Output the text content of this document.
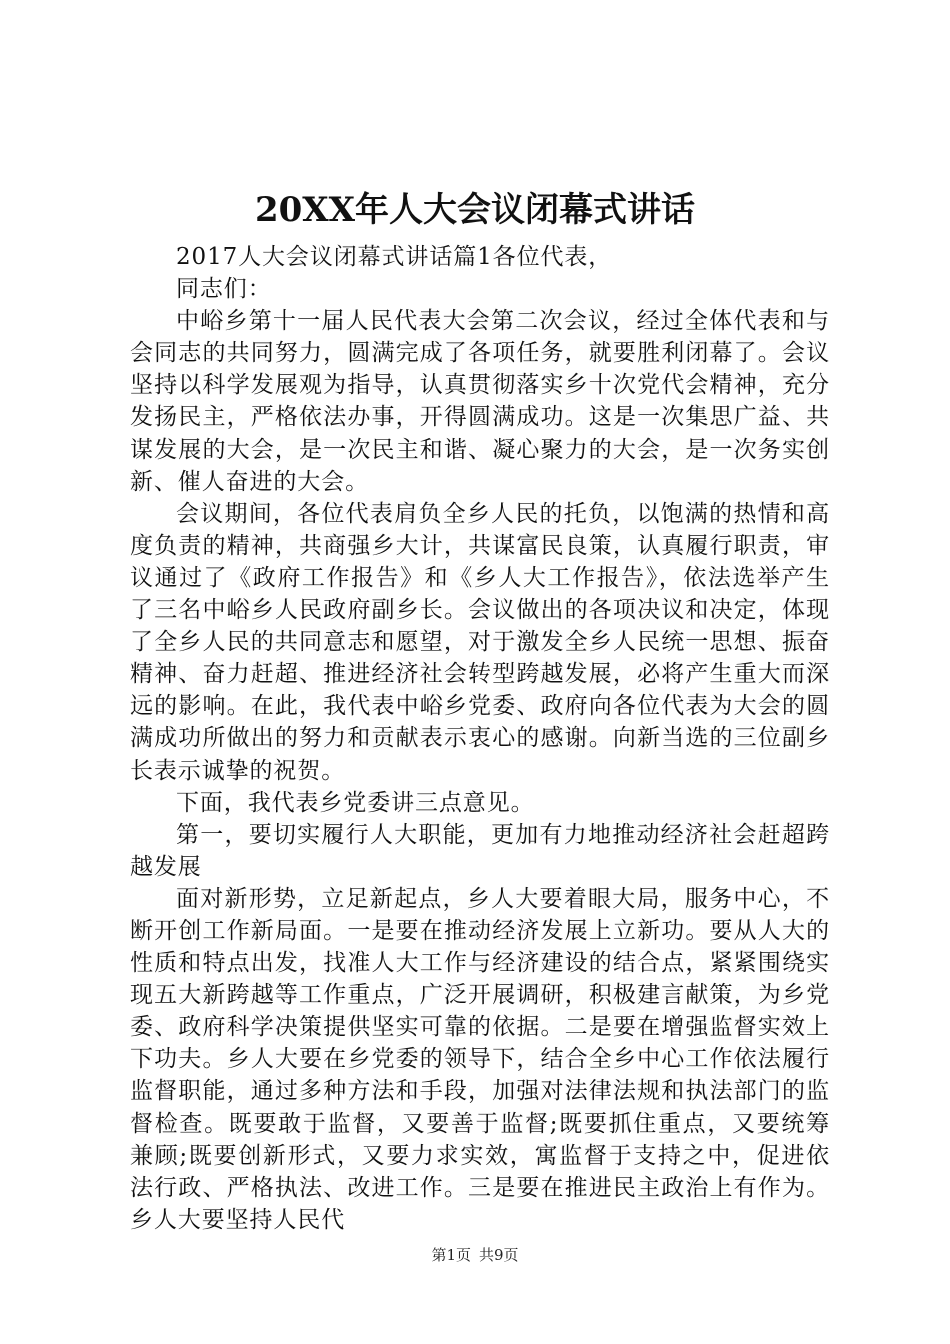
20XX年人大会议闭幕式讲话

2017人大会议闭幕式讲话篇1各位代表，

同志们：

中峪乡第十一届人民代表大会第二次会议，经过全体代表和与会同志的共同努力，圆满完成了各项任务，就要胜利闭幕了。会议坚持以科学发展观为指导，认真贯彻落实乡十次党代会精神，充分发扬民主，严格依法办事，开得圆满成功。这是一次集思广益、共谋发展的大会，是一次民主和谐、凝心聚力的大会，是一次务实创新、催人奋进的大会。

会议期间，各位代表肩负全乡人民的托负，以饱满的热情和高度负责的精神，共商强乡大计，共谋富民良策，认真履行职责，审议通过了《政府工作报告》和《乡人大工作报告》，依法选举产生了三名中峪乡人民政府副乡长。会议做出的各项决议和决定，体现了全乡人民的共同意志和愿望，对于激发全乡人民统一思想、振奋精神、奋力赶超、推进经济社会转型跨越发展，必将产生重大而深远的影响。在此，我代表中峪乡党委、政府向各位代表为大会的圆满成功所做出的努力和贡献表示衷心的感谢。向新当选的三位副乡长表示诚挚的祝贺。

下面，我代表乡党委讲三点意见。

第一，要切实履行人大职能，更加有力地推动经济社会赶超跨越发展

面对新形势，立足新起点，乡人大要着眼大局，服务中心，不断开创工作新局面。一是要在推动经济发展上立新功。要从人大的性质和特点出发，找准人大工作与经济建设的结合点，紧紧围绕实现五大新跨越等工作重点，广泛开展调研，积极建言献策，为乡党委、政府科学决策提供坚实可靠的依据。二是要在增强监督实效上下功夫。乡人大要在乡党委的领导下，结合全乡中心工作依法履行监督职能，通过多种方法和手段，加强对法律法规和执法部门的监督检查。既要敢于监督，又要善于监督;既要抓住重点，又要统筹兼顾;既要创新形式，又要力求实效，寓监督于支持之中，促进依法行政、严格执法、改进工作。三是要在推进民主政治上有作为。乡人大要坚持人民代

第1页 共9页
